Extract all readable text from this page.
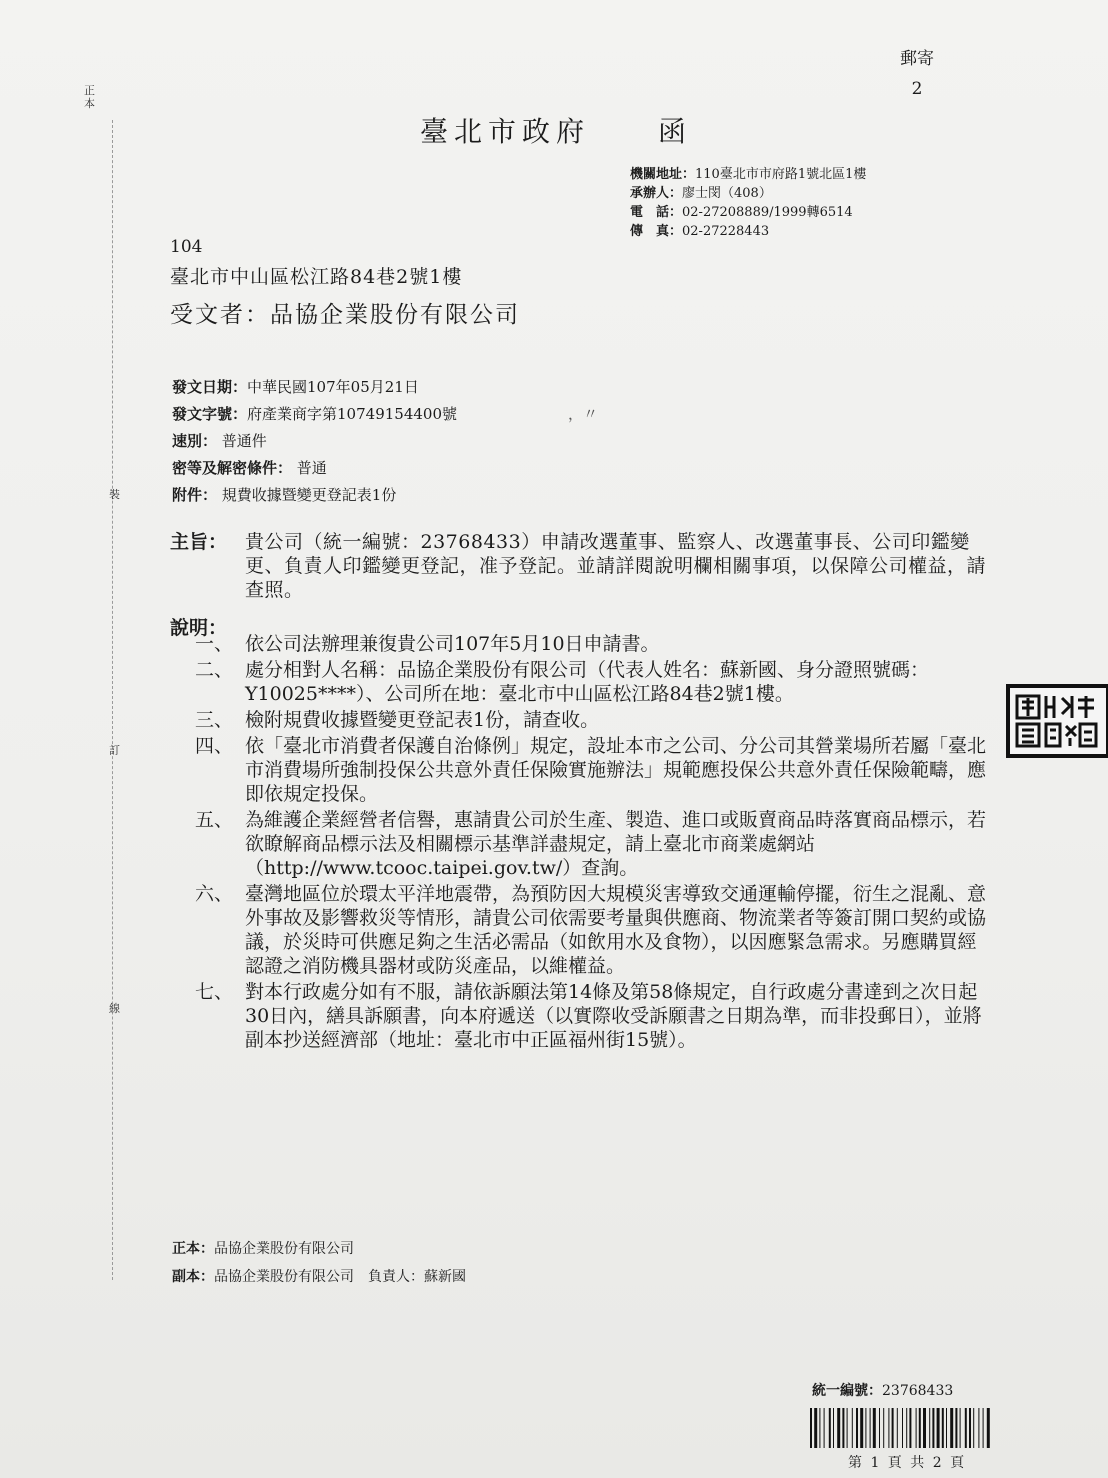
正本
裝
訂
線
郵寄
2
臺北市政府　　函
機關地址：110臺北市市府路1號北區1樓
承辦人：廖士閔（408）
電　話：02-27208889/1999轉6514
傳　真：02-27228443
104
臺北市中山區松江路84巷2號1樓
受文者：品協企業股份有限公司
發文日期：中華民國107年05月21日
發文字號：府產業商字第10749154400號
速別： 普通件
密等及解密條件： 普通
附件： 規費收據暨變更登記表1份
，〃
主旨： 貴公司（統一編號：23768433）申請改選董事、監察人、改選董事長、公司印鑑變更、負責人印鑑變更登記，准予登記。並請詳閱說明欄相關事項，以保障公司權益，請查照。
說明：
一、 依公司法辦理兼復貴公司107年5月10日申請書。
二、 處分相對人名稱：品協企業股份有限公司（代表人姓名：蘇新國、身分證照號碼：Y10025****）、公司所在地：臺北市中山區松江路84巷2號1樓。
三、 檢附規費收據暨變更登記表1份，請查收。
四、 依「臺北市消費者保護自治條例」規定，設址本市之公司、分公司其營業場所若屬「臺北市消費場所強制投保公共意外責任保險實施辦法」規範應投保公共意外責任保險範疇，應即依規定投保。
五、 為維護企業經營者信譽，惠請貴公司於生產、製造、進口或販賣商品時落實商品標示，若欲瞭解商品標示法及相關標示基準詳盡規定，請上臺北市商業處網站（http://www.tcooc.taipei.gov.tw/）查詢。
六、 臺灣地區位於環太平洋地震帶，為預防因大規模災害導致交通運輸停擺，衍生之混亂、意外事故及影響救災等情形，請貴公司依需要考量與供應商、物流業者等簽訂開口契約或協議，於災時可供應足夠之生活必需品（如飲用水及食物），以因應緊急需求。另應購買經認證之消防機具器材或防災產品，以維權益。
七、 對本行政處分如有不服，請依訴願法第14條及第58條規定，自行政處分書達到之次日起30日內，繕具訴願書，向本府遞送（以實際收受訴願書之日期為準，而非投郵日），並將副本抄送經濟部（地址：臺北市中正區福州街15號）。
正本：品協企業股份有限公司
副本：品協企業股份有限公司　負責人：蘇新國
統一編號：23768433
第 1 頁 共 2 頁
